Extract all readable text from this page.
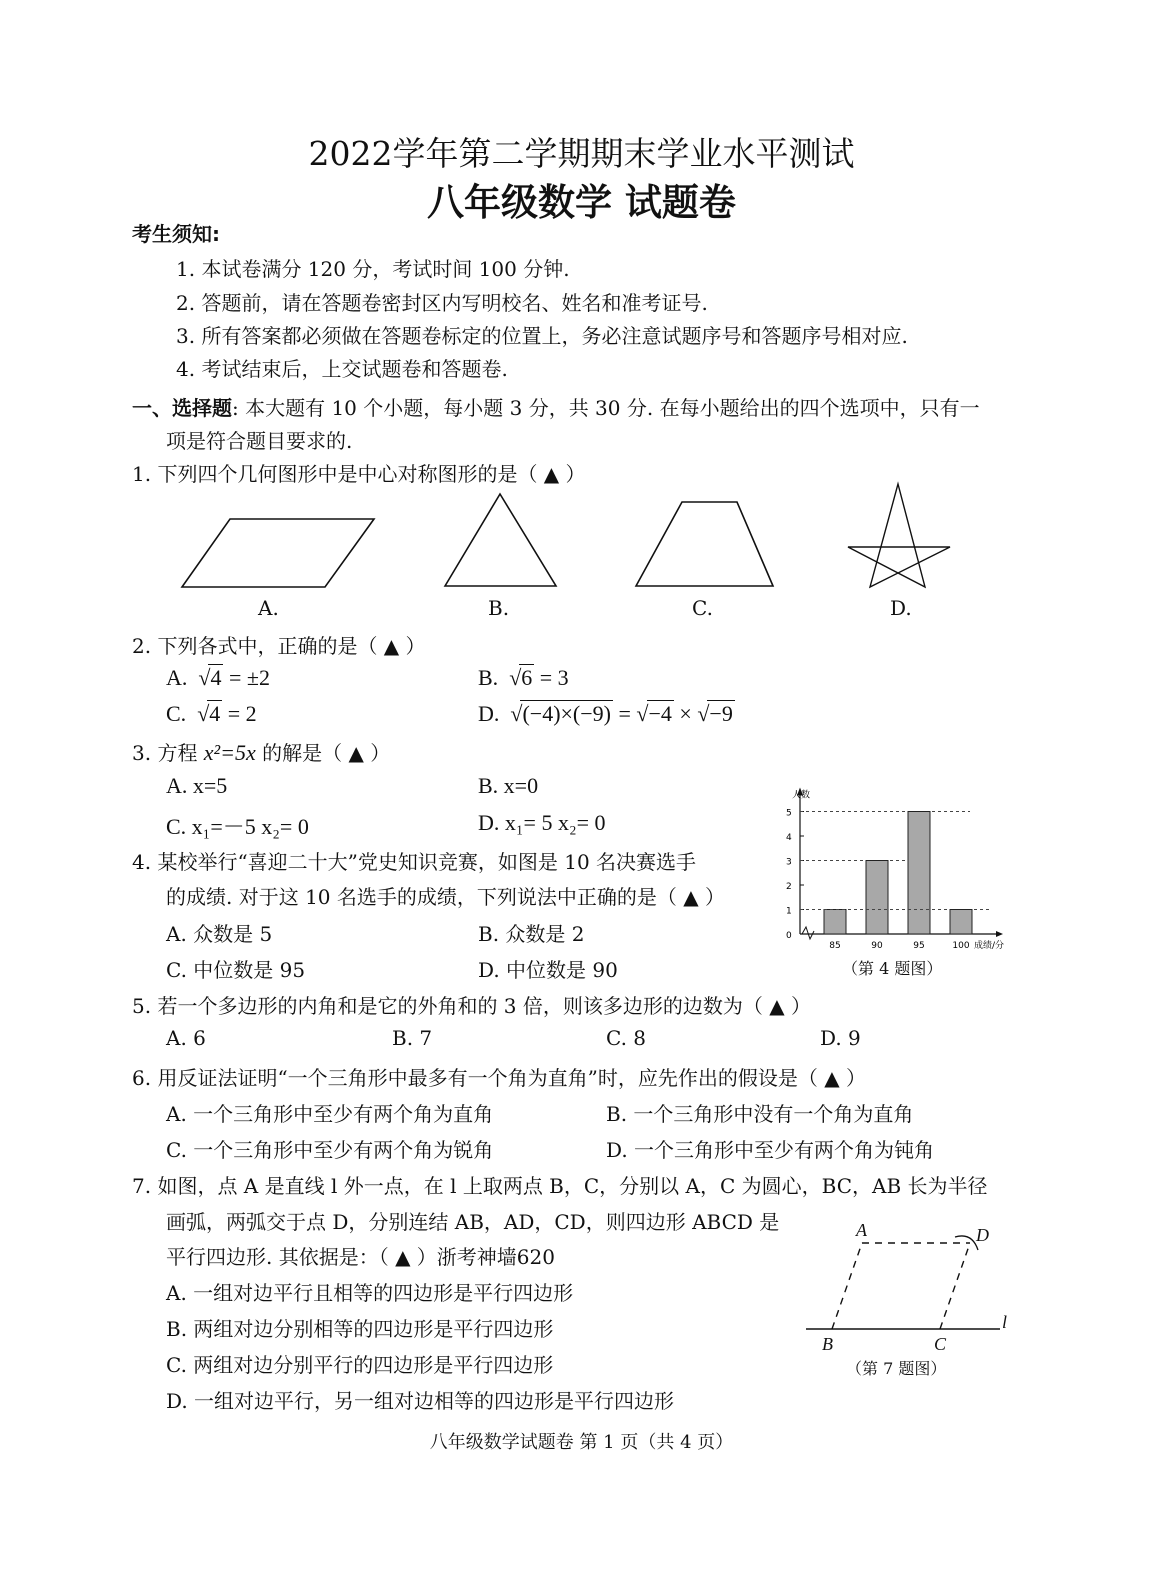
2022学年第二学期期末学业水平测试
八年级数学 试题卷
考生须知:
1. 本试卷满分 120 分，考试时间 100 分钟.
2. 答题前，请在答题卷密封区内写明校名、姓名和准考证号.
3. 所有答案都必须做在答题卷标定的位置上，务必注意试题序号和答题序号相对应.
4. 考试结束后，上交试题卷和答题卷.
一、选择题: 本大题有 10 个小题，每小题 3 分，共 30 分. 在每小题给出的四个选项中，只有一
项是符合题目要求的.
1. 下列四个几何图形中是中心对称图形的是（ ▲ ）
A.	B.	C.	D.
2. 下列各式中，正确的是（ ▲ ）
A.  √4 = ±2	B.  √6 = 3
C.  √4 = 2	D.  √(−4)×(−9) = √−4 × √−9
3. 方程 x²=5x 的解是（ ▲ ）
A. x=5	B. x=0
C. x₁=－5 x₂= 0	D. x₁= 5 x₂= 0
4. 某校举行“喜迎二十大”党史知识竞赛，如图是 10 名决赛选手
的成绩. 对于这 10 名选手的成绩，下列说法中正确的是（ ▲ ）
A. 众数是 5	B. 众数是 2
C. 中位数是 95	D. 中位数是 90
人数
0
1
2
3
4
5
85	90	95	100 成绩/分
（第 4 题图）
5. 若一个多边形的内角和是它的外角和的 3 倍，则该多边形的边数为（ ▲ ）
A. 6	B. 7	C. 8	D. 9
6. 用反证法证明“一个三角形中最多有一个角为直角”时，应先作出的假设是（ ▲ ）
A. 一个三角形中至少有两个角为直角	B. 一个三角形中没有一个角为直角
C. 一个三角形中至少有两个角为锐角	D. 一个三角形中至少有两个角为钝角
7. 如图，点 A 是直线 l 外一点，在 l 上取两点 B，C，分别以 A，C 为圆心，BC，AB 长为半径
画弧，两弧交于点 D，分别连结 AB，AD，CD，则四边形 ABCD 是
平行四边形. 其依据是：（ ▲ ）浙考神墙620
A. 一组对边平行且相等的四边形是平行四边形
B. 两组对边分别相等的四边形是平行四边形
C. 两组对边分别平行的四边形是平行四边形
D. 一组对边平行，另一组对边相等的四边形是平行四边形
A	D
B	C
l
（第 7 题图）
八年级数学试题卷 第 1 页（共 4 页）
